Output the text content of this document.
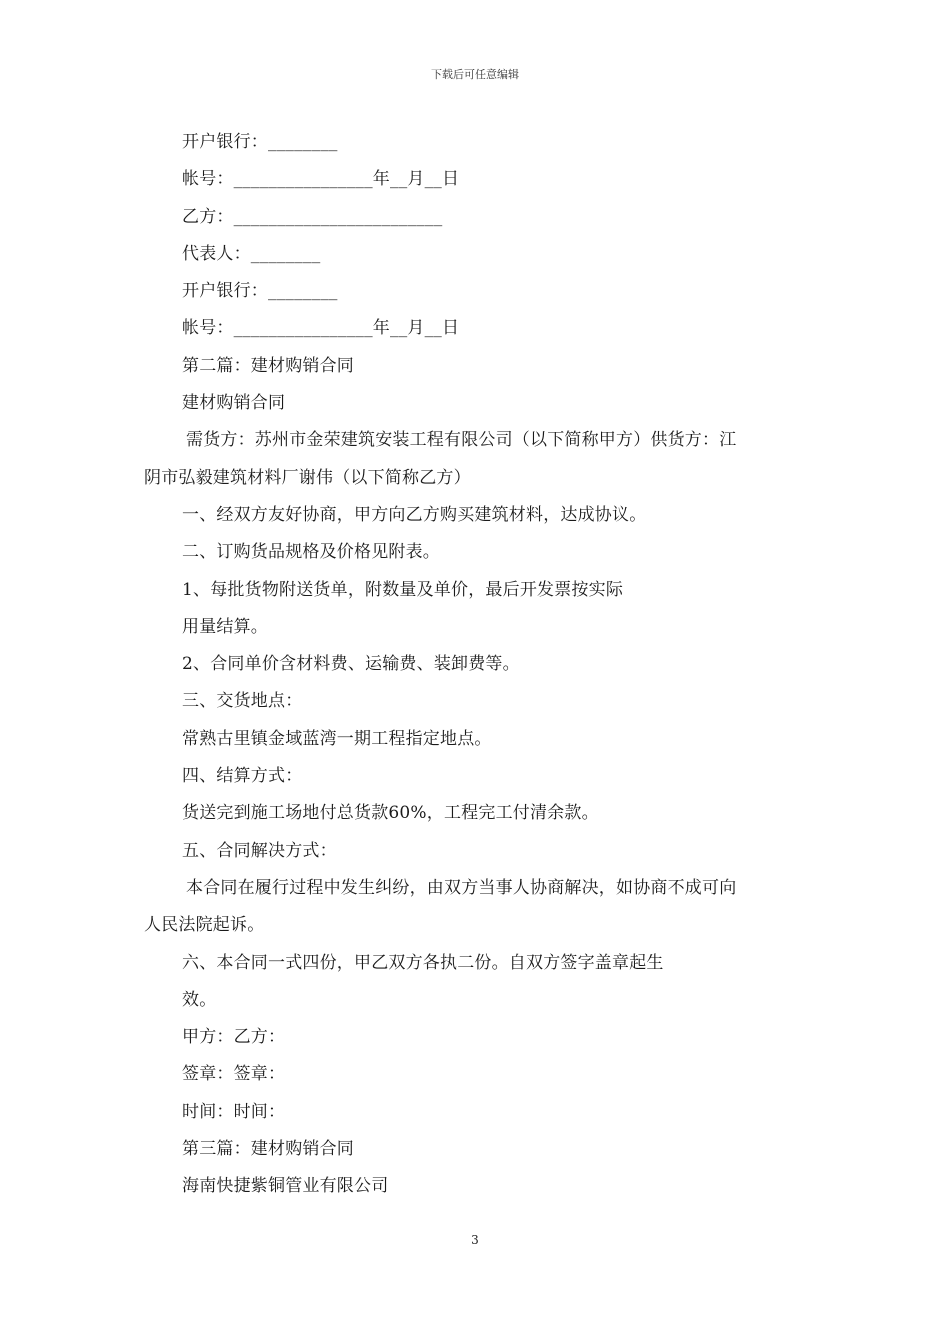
下载后可任意编辑
开户银行：________
帐号：________________年__月__日
乙方：________________________
代表人：________
开户银行：________
帐号：________________年__月__日
第二篇：建材购销合同
建材购销合同
需货方：苏州市金荣建筑安装工程有限公司（以下简称甲方）供货方：江
阴市弘毅建筑材料厂谢伟（以下简称乙方）
一、经双方友好协商，甲方向乙方购买建筑材料，达成协议。
二、订购货品规格及价格见附表。
1、每批货物附送货单，附数量及单价，最后开发票按实际
用量结算。
2、合同单价含材料费、运输费、装卸费等。
三、交货地点：
常熟古里镇金域蓝湾一期工程指定地点。
四、结算方式：
货送完到施工场地付总货款60%，工程完工付清余款。
五、合同解决方式：
本合同在履行过程中发生纠纷，由双方当事人协商解决，如协商不成可向
人民法院起诉。
六、本合同一式四份，甲乙双方各执二份。自双方签字盖章起生
效。
甲方：乙方：
签章：签章：
时间：时间：
第三篇：建材购销合同
海南快捷紫铜管业有限公司
3
